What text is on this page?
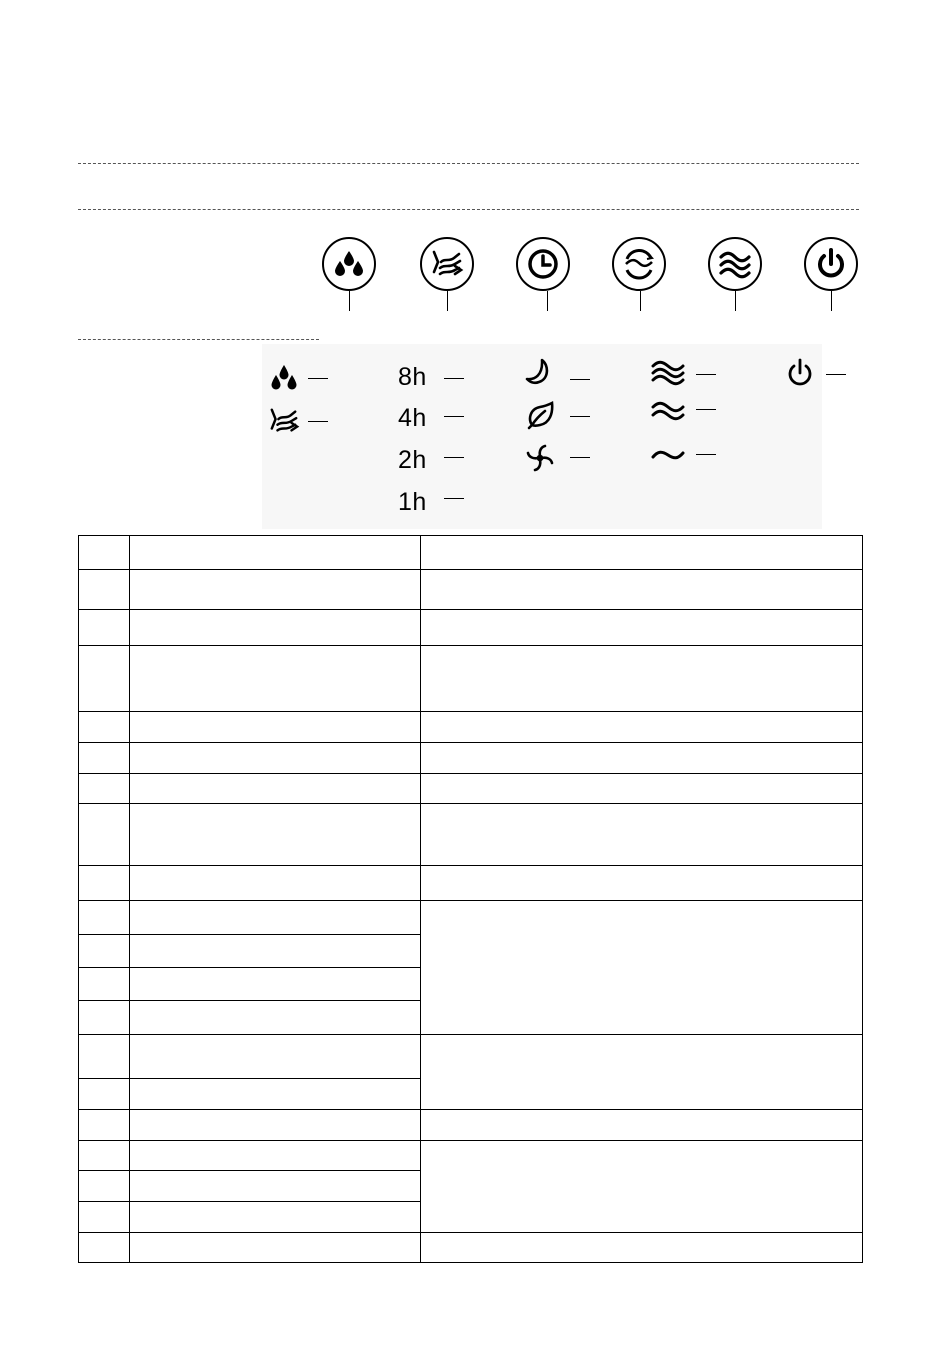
8h
4h
2h
1h
